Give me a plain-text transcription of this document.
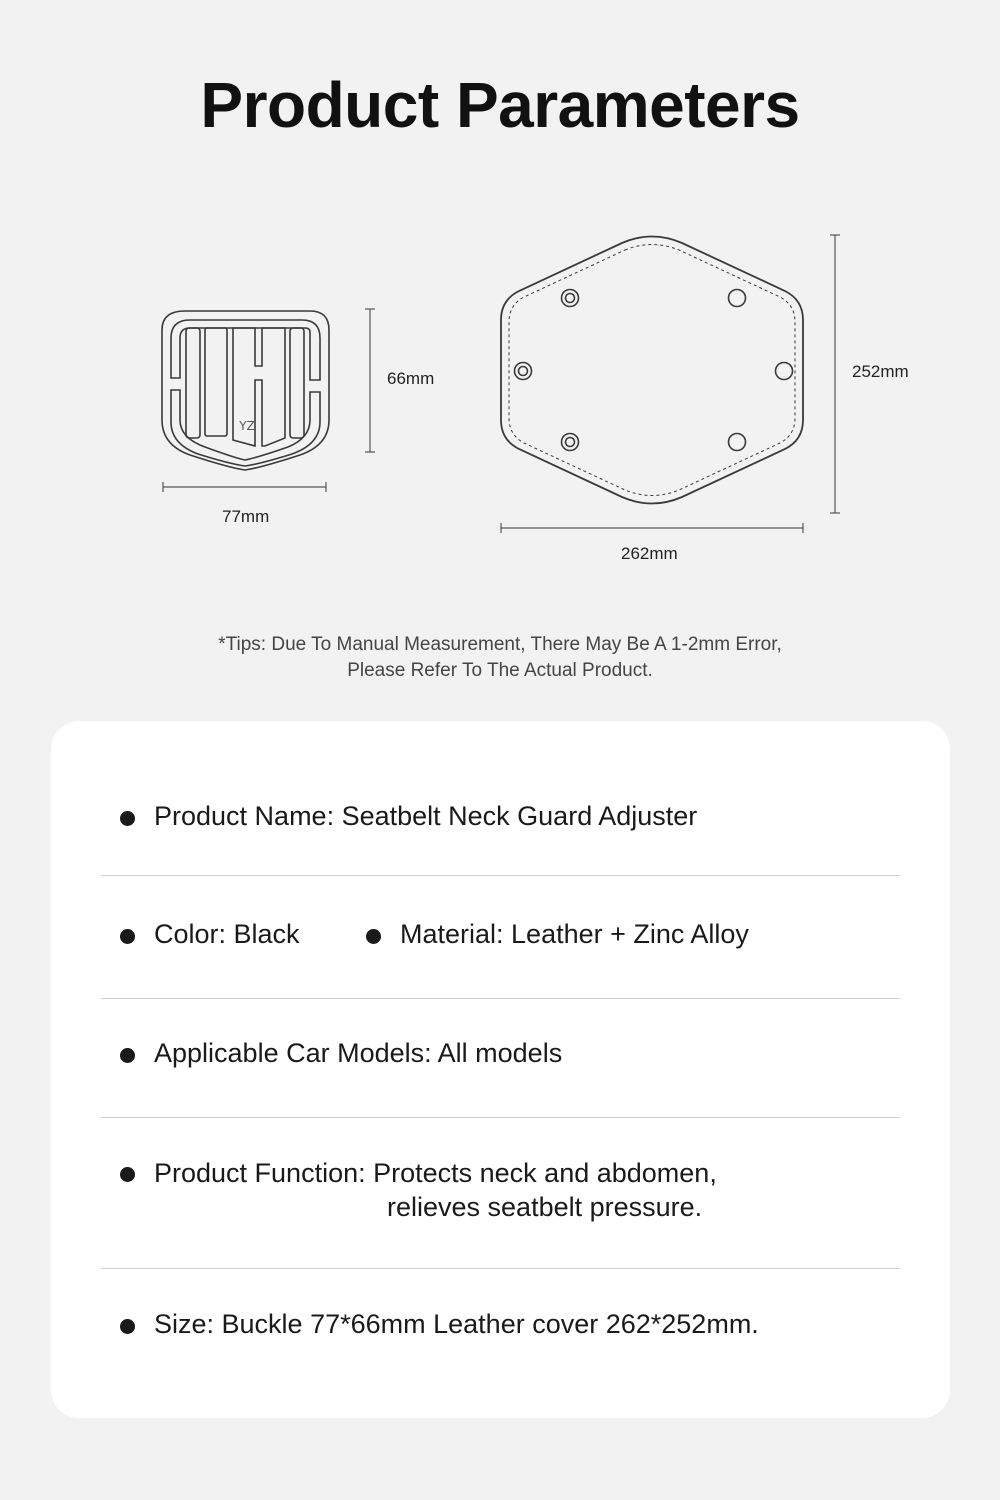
Product Parameters
YZ
66mm
77mm
252mm
262mm
*Tips: Due To Manual Measurement, There May Be A 1-2mm Error,
Please Refer To The Actual Product.
Product Name: Seatbelt Neck Guard Adjuster
Color: Black	Material: Leather + Zinc Alloy
Applicable Car Models: All models
Product Function: Protects neck and abdomen,
relieves seatbelt pressure.
Size: Buckle 77*66mm Leather cover 262*252mm.
